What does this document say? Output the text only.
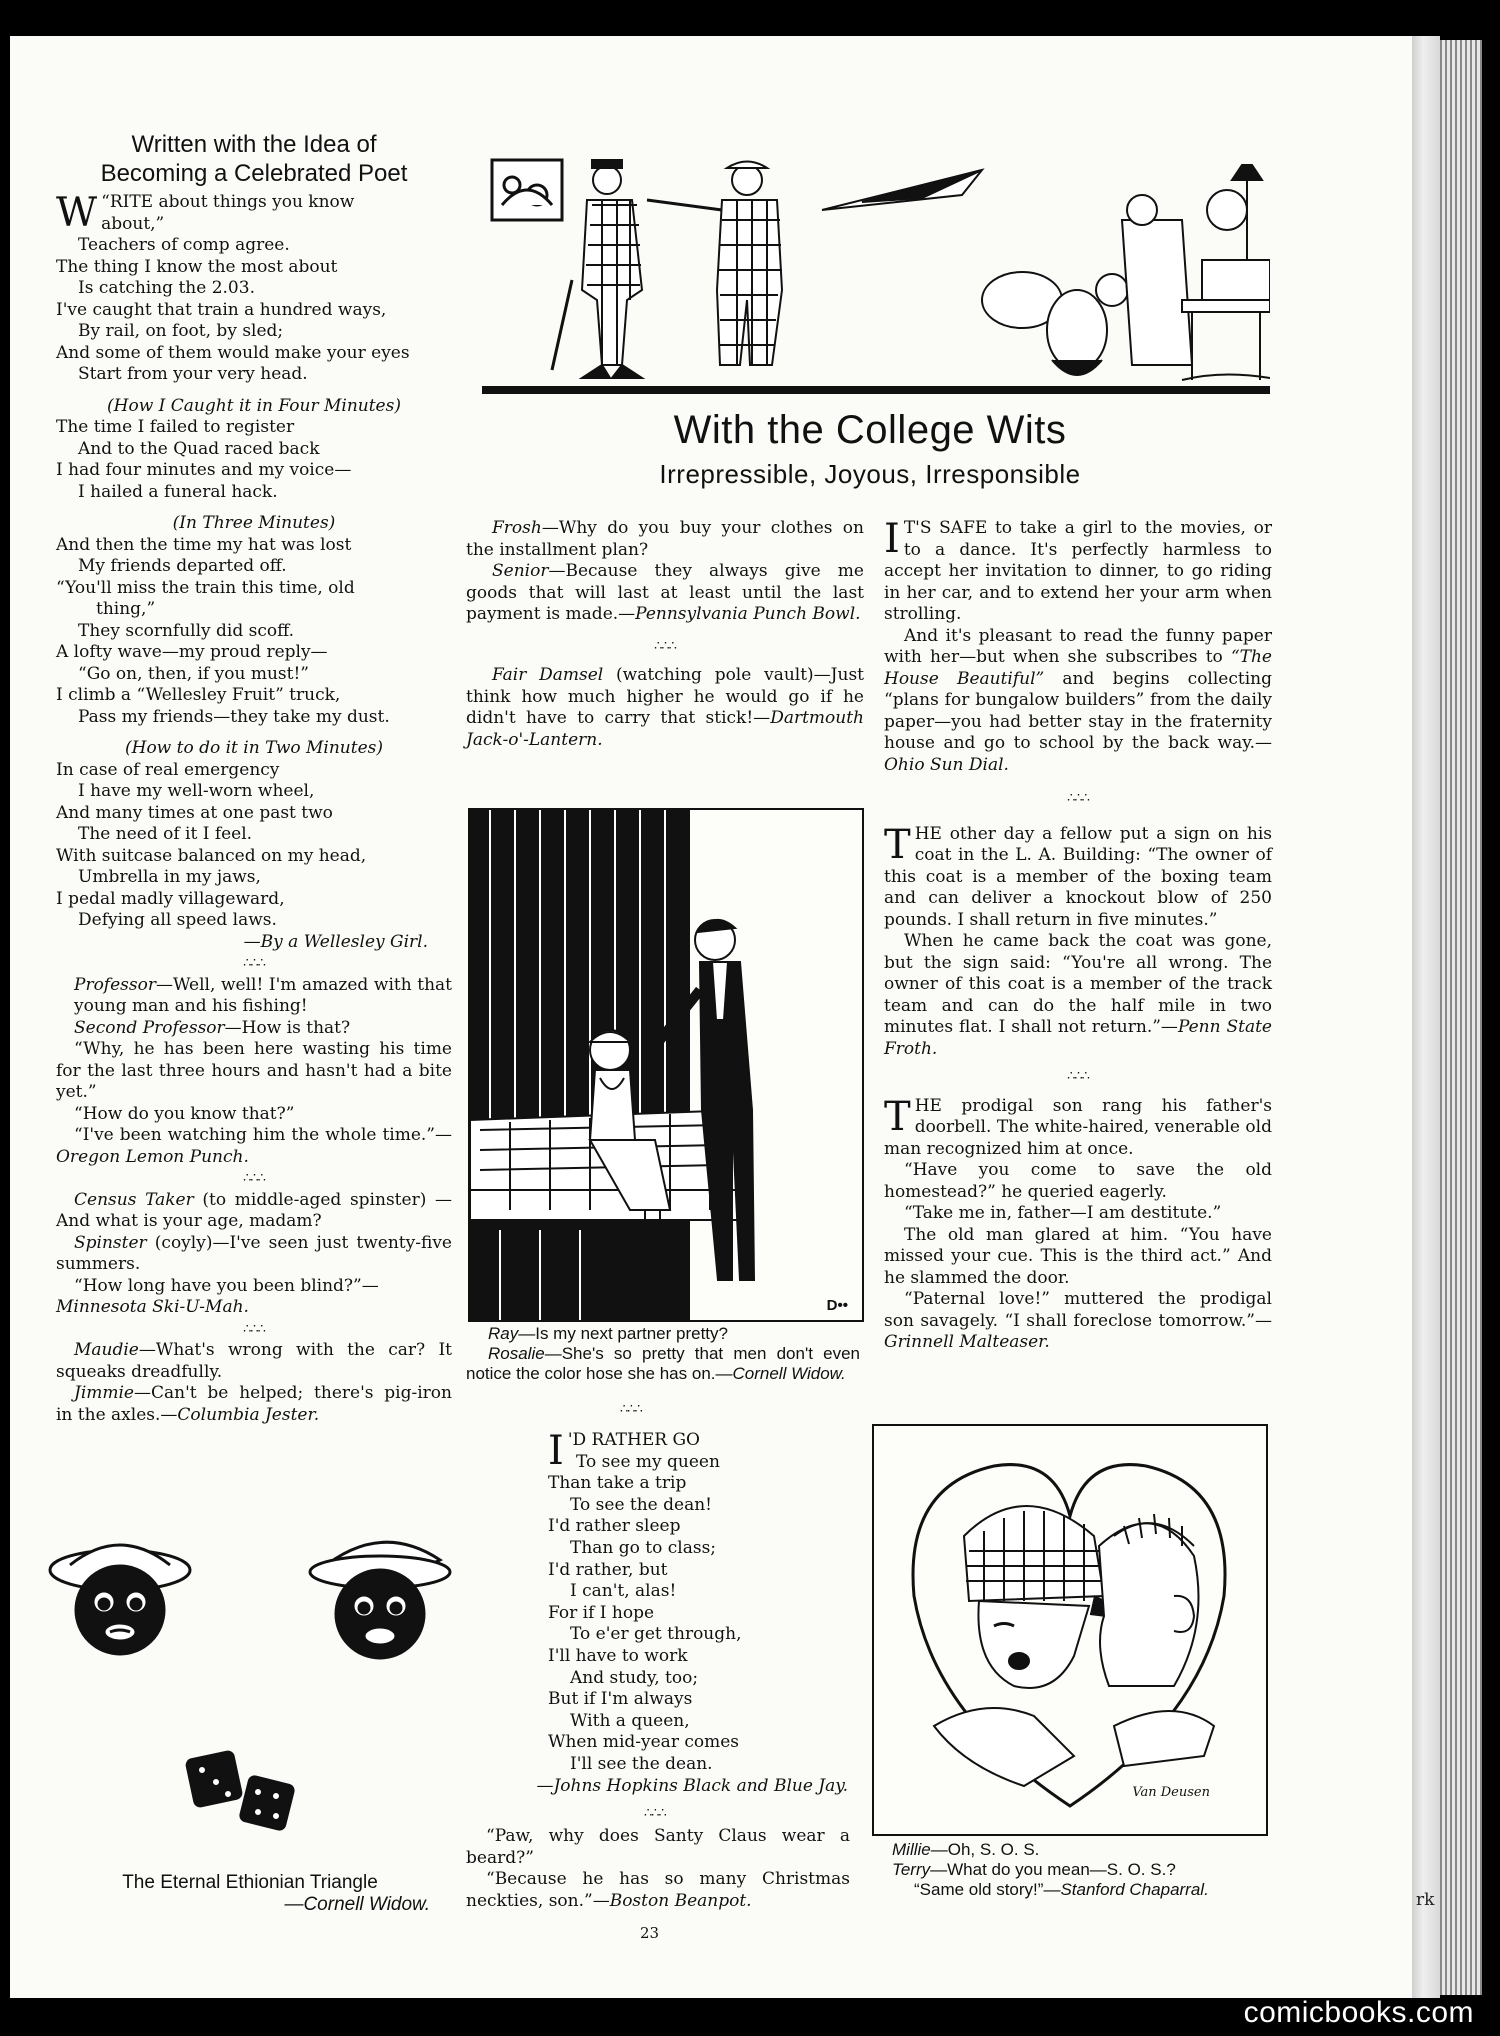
rk
comicbooks.com
Written with the Idea of
Becoming a Celebrated Poet

“
W RITE about things you know

about,”

Teachers of comp agree.

The thing I know the most about

Is catching the 2.03.

I've caught that train a hundred ways,

By rail, on foot, by sled;

And some of them would make your eyes

Start from your very head.

(How I Caught it in Four Minutes)

The time I failed to register

And to the Quad raced back

I had four minutes and my voice—

I hailed a funeral hack.

(In Three Minutes)

And then the time my hat was lost

My friends departed off.

“You'll miss the train this time, old

thing,”

They scornfully did scoff.

A lofty wave—my proud reply—

“Go on, then, if you must!”

I climb a “Wellesley Fruit” truck,

Pass my friends—they take my dust.

(How to do it in Two Minutes)

In case of real emergency

I have my well-worn wheel,

And many times at one past two

The need of it I feel.

With suitcase balanced on my head,

Umbrella in my jaws,

I pedal madly villageward,

Defying all speed laws.

—By a Wellesley Girl.

∴∴∴

Professor—Well, well! I'm amazed with that young man and his fishing!

Second Professor—How is that?

“Why, he has been here wasting his time for the last three hours and hasn't had a bite yet.”

“How do you know that?”

“I've been watching him the whole time.”—Oregon Lemon Punch.

∴∴∴

Census Taker (to middle-aged spinster) —And what is your age, madam?

Spinster (coyly)—I've seen just twenty-five summers.

“How long have you been blind?”—

Minnesota Ski-U-Mah.

∴∴∴

Maudie—What's wrong with the car? It squeaks dreadfully.

Jimmie—Can't be helped; there's pig-iron in the axles.—Columbia Jester.

The Eternal Ethionian Triangle
—Cornell Widow.
With the College Wits
Irrepressible, Joyous, Irresponsible

Frosh—Why do you buy your clothes on the installment plan?

Senior—Because they always give me goods that will last at least until the last payment is made.—Pennsylvania Punch Bowl.

∴∴∴

Fair Damsel (watching pole vault)—Just think how much higher he would go if he didn't have to carry that stick!—Dartmouth Jack-o'-Lantern.

D••
Ray—Is my next partner pretty?
Rosalie—She's so pretty that men don't even notice the color hose she has on.—Cornell Widow.

∴∴∴

I 'D RATHER GO
To see my queen
Than take a trip
To see the dean!
I'd rather sleep
Than go to class;
I'd rather, but
I can't, alas!
For if I hope
To e'er get through,
I'll have to work
And study, too;
But if I'm always
With a queen,
When mid-year comes
I'll see the dean.
—Johns Hopkins Black and Blue Jay.

∴∴∴

“Paw, why does Santy Claus wear a beard?”

“Because he has so many Christmas neckties, son.”—Boston Beanpot.

23

I T'S SAFE to take a girl to the movies, or to a dance. It's perfectly harmless to accept her invitation to dinner, to go riding in her car, and to extend her your arm when strolling.

And it's pleasant to read the funny paper with her—but when she subscribes to “The House Beautiful” and begins collecting “plans for bungalow builders” from the daily paper—you had better stay in the fraternity house and go to school by the back way.—Ohio Sun Dial.

∴∴∴

THE other day a fellow put a sign on his coat in the L. A. Building: “The owner of this coat is a member of the boxing team and can deliver a knockout blow of 250 pounds. I shall return in five minutes.”

When he came back the coat was gone, but the sign said: “You're all wrong. The owner of this coat is a member of the track team and can do the half mile in two minutes flat. I shall not return.”—Penn State Froth.

∴∴∴

THE prodigal son rang his father's doorbell. The white-haired, venerable old man recognized him at once.

“Have you come to save the old homestead?” he queried eagerly.

“Take me in, father—I am destitute.”

The old man glared at him. “You have missed your cue. This is the third act.” And he slammed the door.

“Paternal love!” muttered the prodigal son savagely. “I shall foreclose tomorrow.”—Grinnell Malteaser.

Van Deusen
Millie—Oh, S. O. S.
Terry—What do you mean—S. O. S.?
“Same old story!”—Stanford Chaparral.
